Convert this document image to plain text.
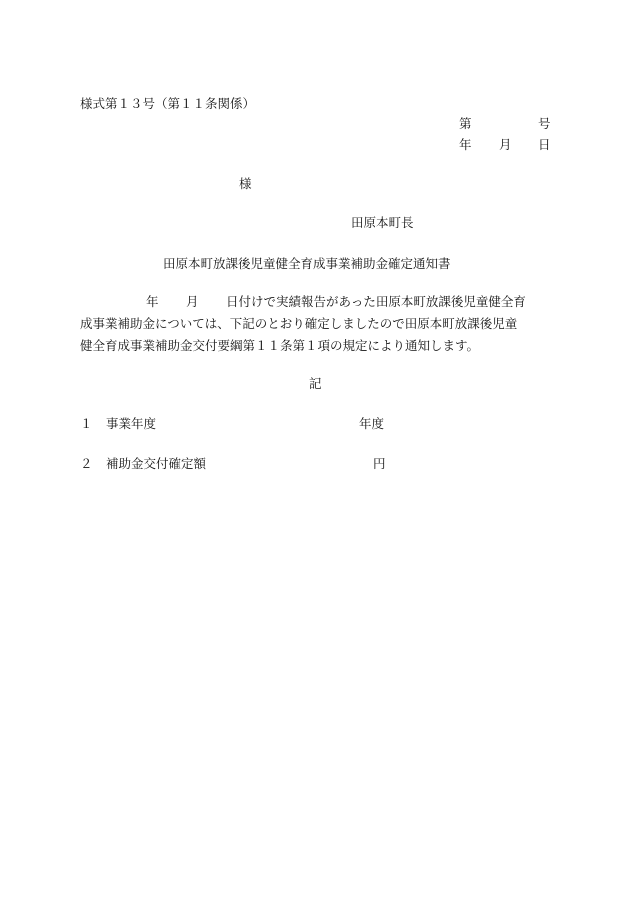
様式第１３号（第１１条関係）
第	号
年 月 日
様
田原本町長
田原本町放課後児童健全育成事業補助金確定通知書
年 月 日付けで実績報告があった田原本町放課後児童健全育
成事業補助金については、下記のとおり確定しましたので田原本町放課後児童
健全育成事業補助金交付要綱第１１条第１項の規定により通知します。
記
１ 事業年度	年度
２ 補助金交付確定額	円
